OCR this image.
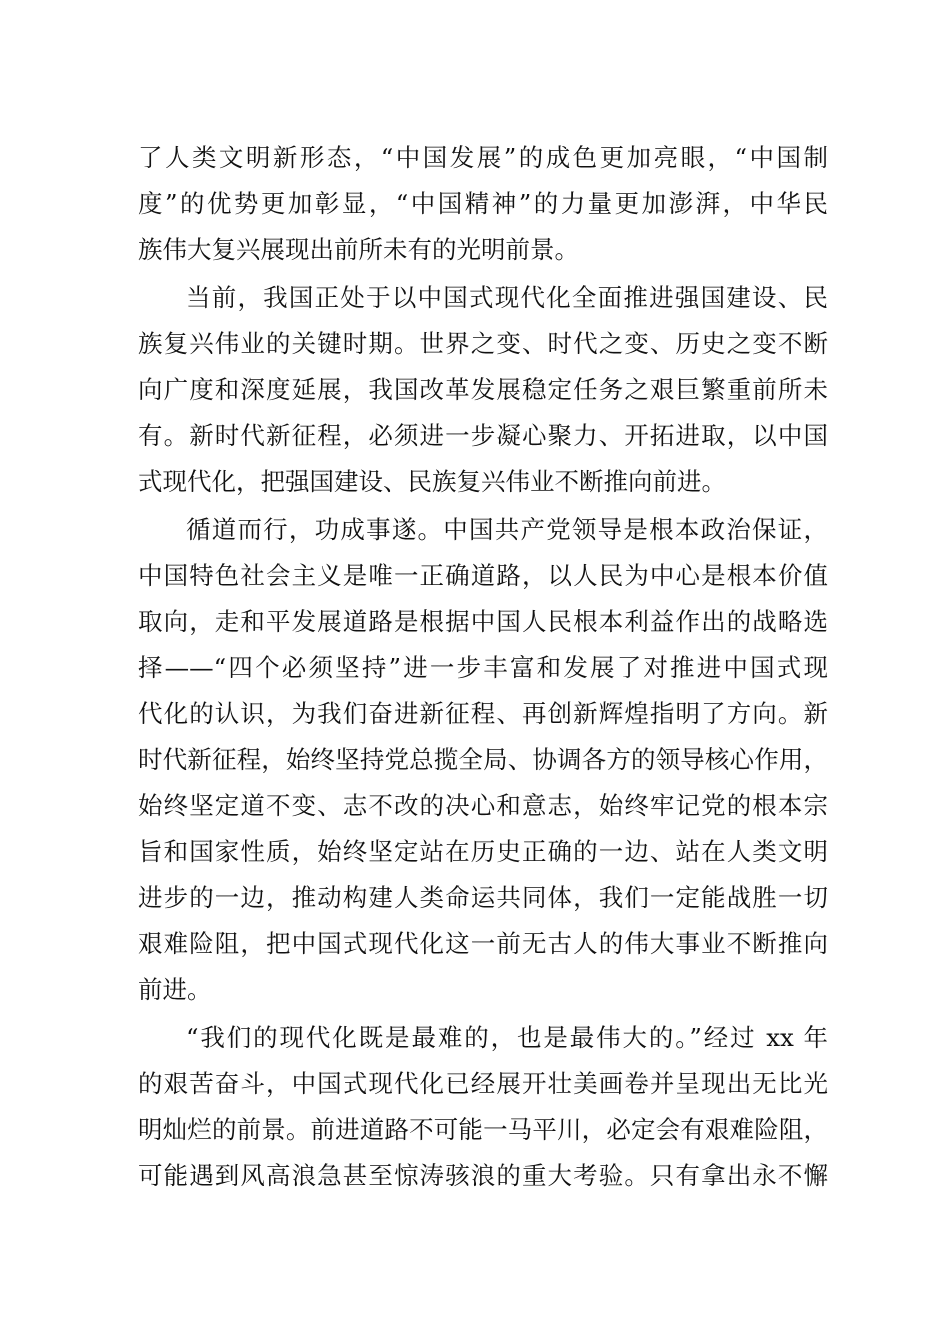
了人类文明新形态，“中国发展”的成色更加亮眼，“中国制
度”的优势更加彰显，“中国精神”的力量更加澎湃，中华民
族伟大复兴展现出前所未有的光明前景。
当前，我国正处于以中国式现代化全面推进强国建设、民
族复兴伟业的关键时期。世界之变、时代之变、历史之变不断
向广度和深度延展，我国改革发展稳定任务之艰巨繁重前所未
有。新时代新征程，必须进一步凝心聚力、开拓进取，以中国
式现代化，把强国建设、民族复兴伟业不断推向前进。
循道而行，功成事遂。中国共产党领导是根本政治保证，
中国特色社会主义是唯一正确道路，以人民为中心是根本价值
取向，走和平发展道路是根据中国人民根本利益作出的战略选
择——“四个必须坚持”进一步丰富和发展了对推进中国式现
代化的认识，为我们奋进新征程、再创新辉煌指明了方向。新
时代新征程，始终坚持党总揽全局、协调各方的领导核心作用，
始终坚定道不变、志不改的决心和意志，始终牢记党的根本宗
旨和国家性质，始终坚定站在历史正确的一边、站在人类文明
进步的一边，推动构建人类命运共同体，我们一定能战胜一切
艰难险阻，把中国式现代化这一前无古人的伟大事业不断推向
前进。
“我们的现代化既是最难的，也是最伟大的。”经过 xx 年
的艰苦奋斗，中国式现代化已经展开壮美画卷并呈现出无比光
明灿烂的前景。前进道路不可能一马平川，必定会有艰难险阻，
可能遇到风高浪急甚至惊涛骇浪的重大考验。只有拿出永不懈
